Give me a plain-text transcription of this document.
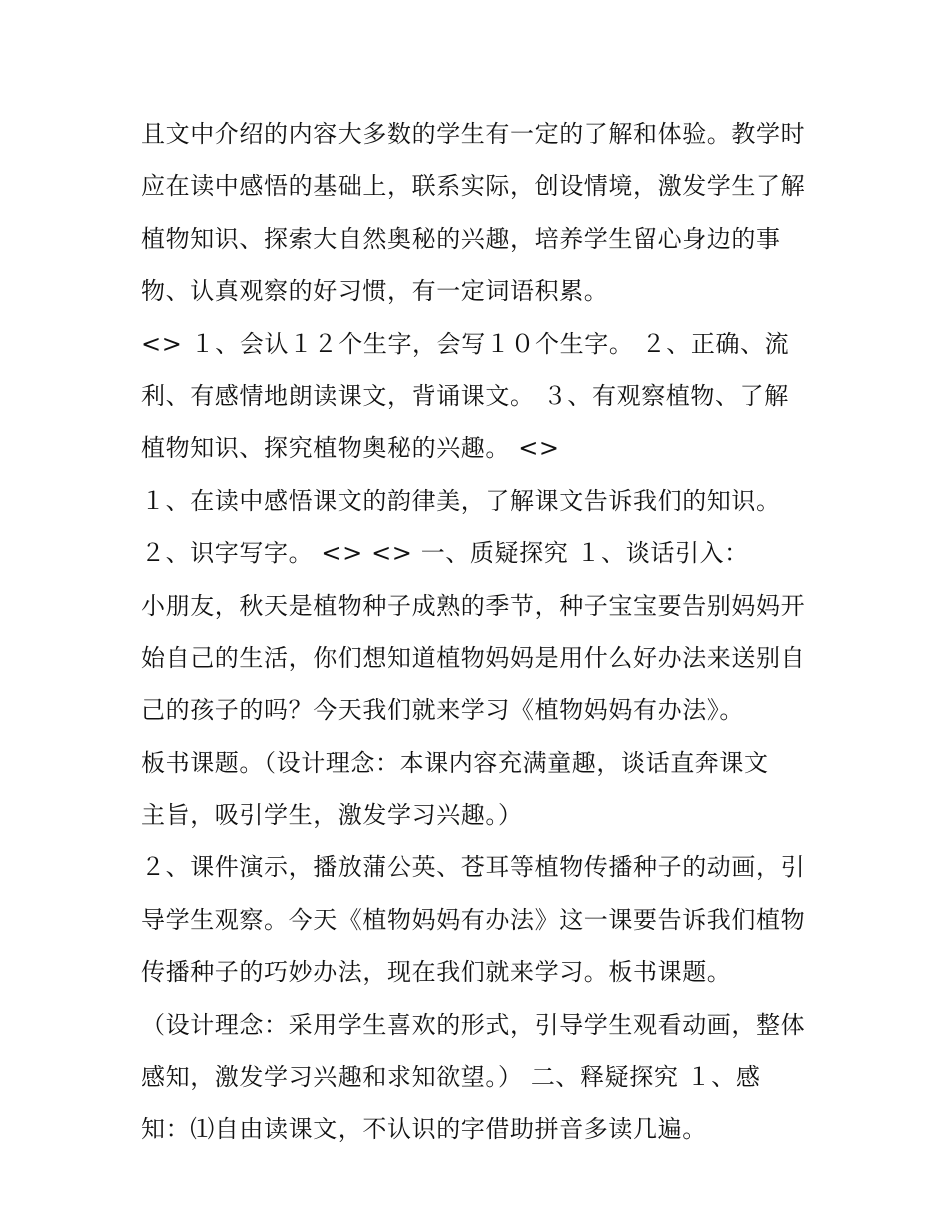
且文中介绍的内容大多数的学生有一定的了解和体验。教学时
应在读中感悟的基础上，联系实际，创设情境，激发学生了解
植物知识、探索大自然奥秘的兴趣，培养学生留心身边的事
物、认真观察的好习惯，有一定词语积累。
<> １、会认１２个生字，会写１０个生字。 ２、正确、流
利、有感情地朗读课文，背诵课文。 ３、有观察植物、了解
植物知识、探究植物奥秘的兴趣。 <>
１、在读中感悟课文的韵律美，了解课文告诉我们的知识。
２、识字写字。 <> <> 一、质疑探究 １、谈话引入：
小朋友，秋天是植物种子成熟的季节，种子宝宝要告别妈妈开
始自己的生活，你们想知道植物妈妈是用什么好办法来送别自
己的孩子的吗？今天我们就来学习《植物妈妈有办法》。
板书课题。（设计理念：本课内容充满童趣，谈话直奔课文
主旨，吸引学生，激发学习兴趣。）
２、课件演示，播放蒲公英、苍耳等植物传播种子的动画，引
导学生观察。今天《植物妈妈有办法》这一课要告诉我们植物
传播种子的巧妙办法，现在我们就来学习。板书课题。
（设计理念：采用学生喜欢的形式，引导学生观看动画，整体
感知，激发学习兴趣和求知欲望。） 二、释疑探究 １、感
知：⑴自由读课文，不认识的字借助拼音多读几遍。
